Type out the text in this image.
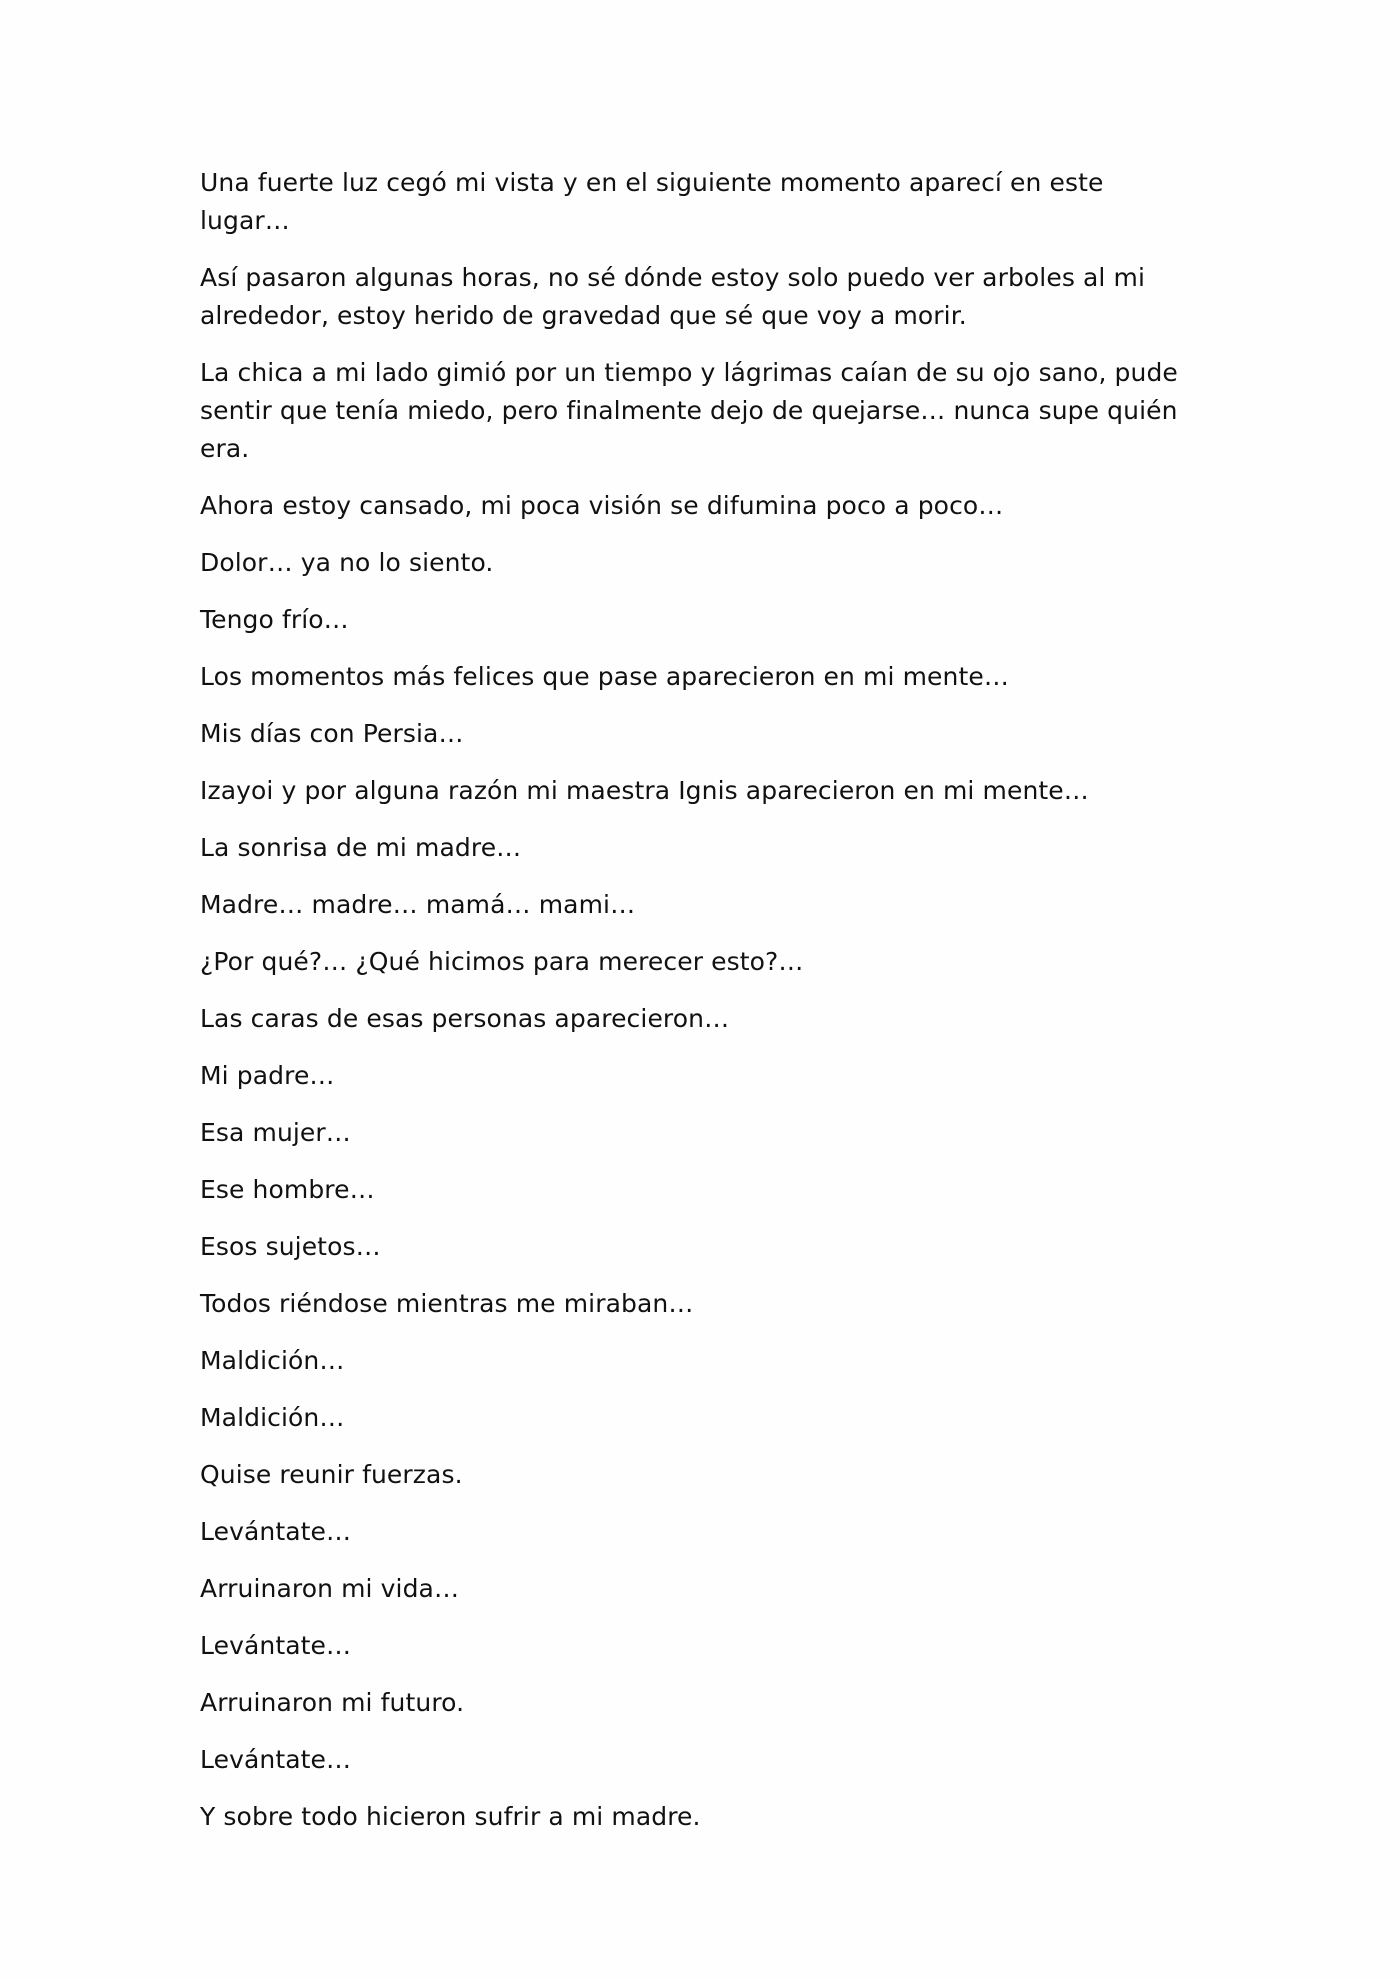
Una fuerte luz cegó mi vista y en el siguiente momento aparecí en este lugar…

Así pasaron algunas horas, no sé dónde estoy solo puedo ver arboles al mi alrededor, estoy herido de gravedad que sé que voy a morir.

La chica a mi lado gimió por un tiempo y lágrimas caían de su ojo sano, pude sentir que tenía miedo, pero finalmente dejo de quejarse… nunca supe quién era.

Ahora estoy cansado, mi poca visión se difumina poco a poco…

Dolor… ya no lo siento.

Tengo frío…

Los momentos más felices que pase aparecieron en mi mente…

Mis días con Persia…

Izayoi y por alguna razón mi maestra Ignis aparecieron en mi mente…

La sonrisa de mi madre…

Madre… madre… mamá… mami…

¿Por qué?… ¿Qué hicimos para merecer esto?…

Las caras de esas personas aparecieron…

Mi padre…

Esa mujer…

Ese hombre…

Esos sujetos…

Todos riéndose mientras me miraban…

Maldición…

Maldición…

Quise reunir fuerzas.

Levántate…

Arruinaron mi vida…

Levántate…

Arruinaron mi futuro.

Levántate…

Y sobre todo hicieron sufrir a mi madre.
